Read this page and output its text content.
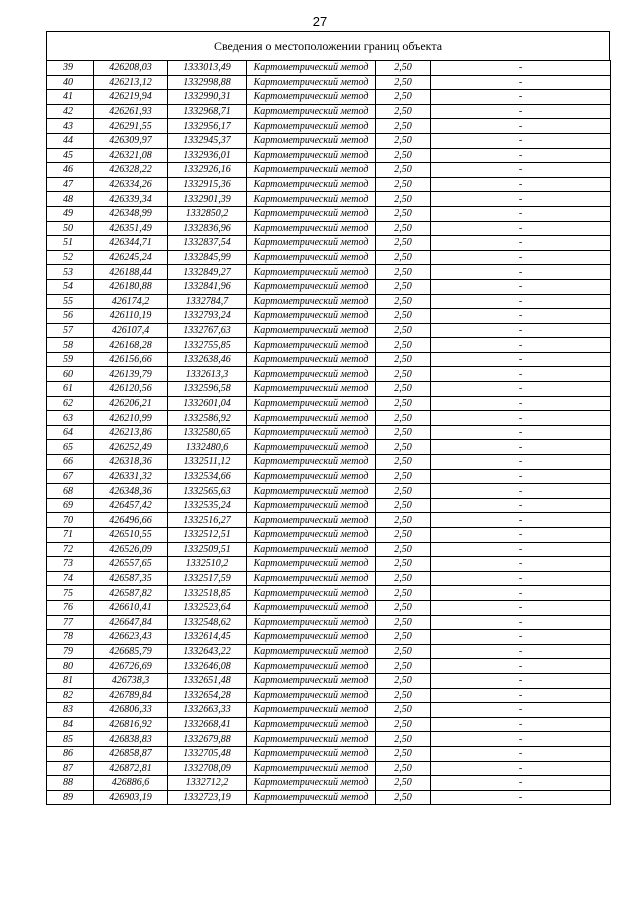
27
Сведения о местоположении границ объекта
39	426208,03	1333013,49	Картометрический метод	2,50	-
40	426213,12	1332998,88	Картометрический метод	2,50	-
41	426219,94	1332990,31	Картометрический метод	2,50	-
42	426261,93	1332968,71	Картометрический метод	2,50	-
43	426291,55	1332956,17	Картометрический метод	2,50	-
44	426309,97	1332945,37	Картометрический метод	2,50	-
45	426321,08	1332936,01	Картометрический метод	2,50	-
46	426328,22	1332926,16	Картометрический метод	2,50	-
47	426334,26	1332915,36	Картометрический метод	2,50	-
48	426339,34	1332901,39	Картометрический метод	2,50	-
49	426348,99	1332850,2	Картометрический метод	2,50	-
50	426351,49	1332836,96	Картометрический метод	2,50	-
51	426344,71	1332837,54	Картометрический метод	2,50	-
52	426245,24	1332845,99	Картометрический метод	2,50	-
53	426188,44	1332849,27	Картометрический метод	2,50	-
54	426180,88	1332841,96	Картометрический метод	2,50	-
55	426174,2	1332784,7	Картометрический метод	2,50	-
56	426110,19	1332793,24	Картометрический метод	2,50	-
57	426107,4	1332767,63	Картометрический метод	2,50	-
58	426168,28	1332755,85	Картометрический метод	2,50	-
59	426156,66	1332638,46	Картометрический метод	2,50	-
60	426139,79	1332613,3	Картометрический метод	2,50	-
61	426120,56	1332596,58	Картометрический метод	2,50	-
62	426206,21	1332601,04	Картометрический метод	2,50	-
63	426210,99	1332586,92	Картометрический метод	2,50	-
64	426213,86	1332580,65	Картометрический метод	2,50	-
65	426252,49	1332480,6	Картометрический метод	2,50	-
66	426318,36	1332511,12	Картометрический метод	2,50	-
67	426331,32	1332534,66	Картометрический метод	2,50	-
68	426348,36	1332565,63	Картометрический метод	2,50	-
69	426457,42	1332535,24	Картометрический метод	2,50	-
70	426496,66	1332516,27	Картометрический метод	2,50	-
71	426510,55	1332512,51	Картометрический метод	2,50	-
72	426526,09	1332509,51	Картометрический метод	2,50	-
73	426557,65	1332510,2	Картометрический метод	2,50	-
74	426587,35	1332517,59	Картометрический метод	2,50	-
75	426587,82	1332518,85	Картометрический метод	2,50	-
76	426610,41	1332523,64	Картометрический метод	2,50	-
77	426647,84	1332548,62	Картометрический метод	2,50	-
78	426623,43	1332614,45	Картометрический метод	2,50	-
79	426685,79	1332643,22	Картометрический метод	2,50	-
80	426726,69	1332646,08	Картометрический метод	2,50	-
81	426738,3	1332651,48	Картометрический метод	2,50	-
82	426789,84	1332654,28	Картометрический метод	2,50	-
83	426806,33	1332663,33	Картометрический метод	2,50	-
84	426816,92	1332668,41	Картометрический метод	2,50	-
85	426838,83	1332679,88	Картометрический метод	2,50	-
86	426858,87	1332705,48	Картометрический метод	2,50	-
87	426872,81	1332708,09	Картометрический метод	2,50	-
88	426886,6	1332712,2	Картометрический метод	2,50	-
89	426903,19	1332723,19	Картометрический метод	2,50	-
